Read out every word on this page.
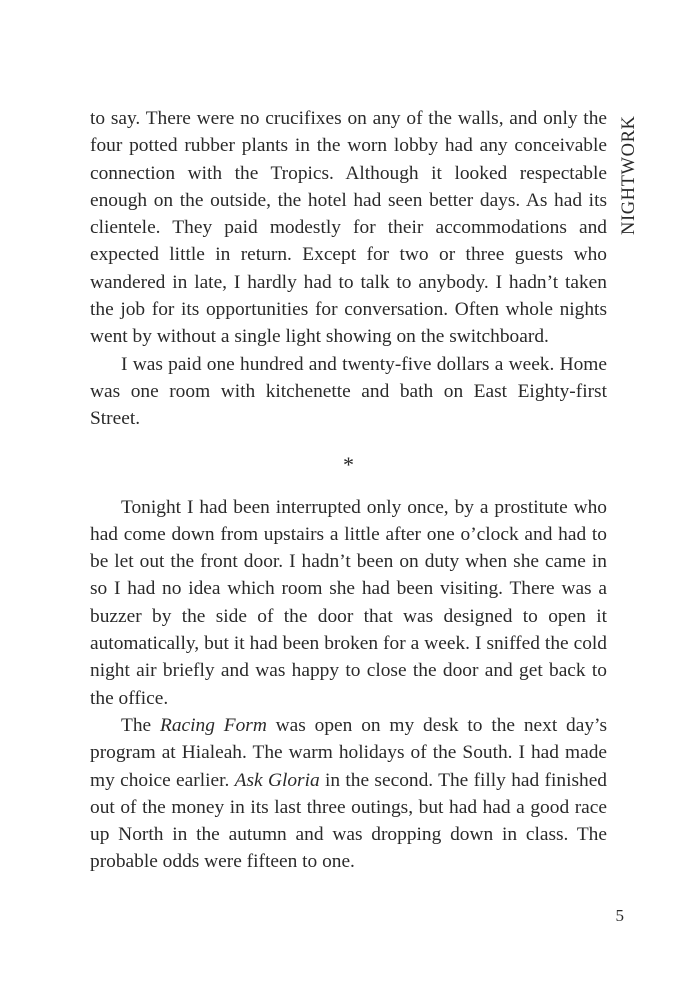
NIGHTWORK

to say. There were no crucifixes on any of the walls, and only the four potted rubber plants in the worn lobby had any conceivable connection with the Tropics. Although it looked respectable enough on the outside, the hotel had seen better days. As had its clientele. They paid modestly for their accommodations and expected little in return. Except for two or three guests who wandered in late, I hardly had to talk to anybody. I hadn’t taken the job for its opportunities for conversation. Often whole nights went by without a single light showing on the switchboard.

I was paid one hundred and twenty-five dollars a week. Home was one room with kitchenette and bath on East Eighty-first Street.

*

Tonight I had been interrupted only once, by a prostitute who had come down from upstairs a little after one o’clock and had to be let out the front door. I hadn’t been on duty when she came in so I had no idea which room she had been visiting. There was a buzzer by the side of the door that was designed to open it automatically, but it had been broken for a week. I sniffed the cold night air briefly and was happy to close the door and get back to the office.

The Racing Form was open on my desk to the next day’s program at Hialeah. The warm holidays of the South. I had made my choice earlier. Ask Gloria in the second. The filly had finished out of the money in its last three outings, but had had a good race up North in the autumn and was dropping down in class. The probable odds were fifteen to one.

5
